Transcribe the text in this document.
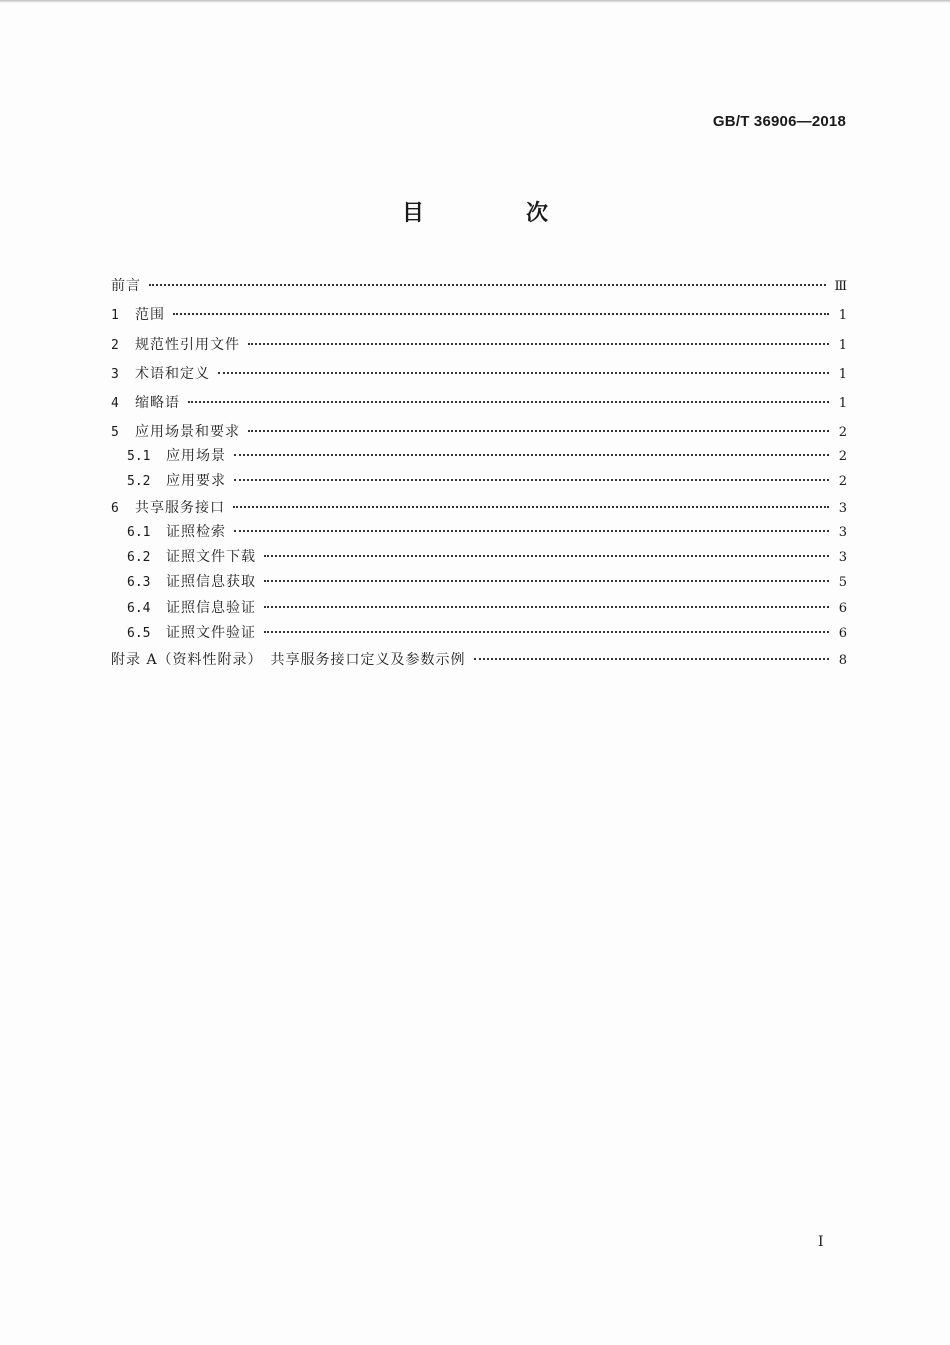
GB/T 36906—2018
目　次
前言	Ⅲ
1	范围	1
2	规范性引用文件	1
3	术语和定义	1
4	缩略语	1
5	应用场景和要求	2
5.1	应用场景	2
5.2	应用要求	2
6	共享服务接口	3
6.1	证照检索	3
6.2	证照文件下载	3
6.3	证照信息获取	5
6.4	证照信息验证	6
6.5	证照文件验证	6
附录 A（资料性附录）　共享服务接口定义及参数示例	8
I
